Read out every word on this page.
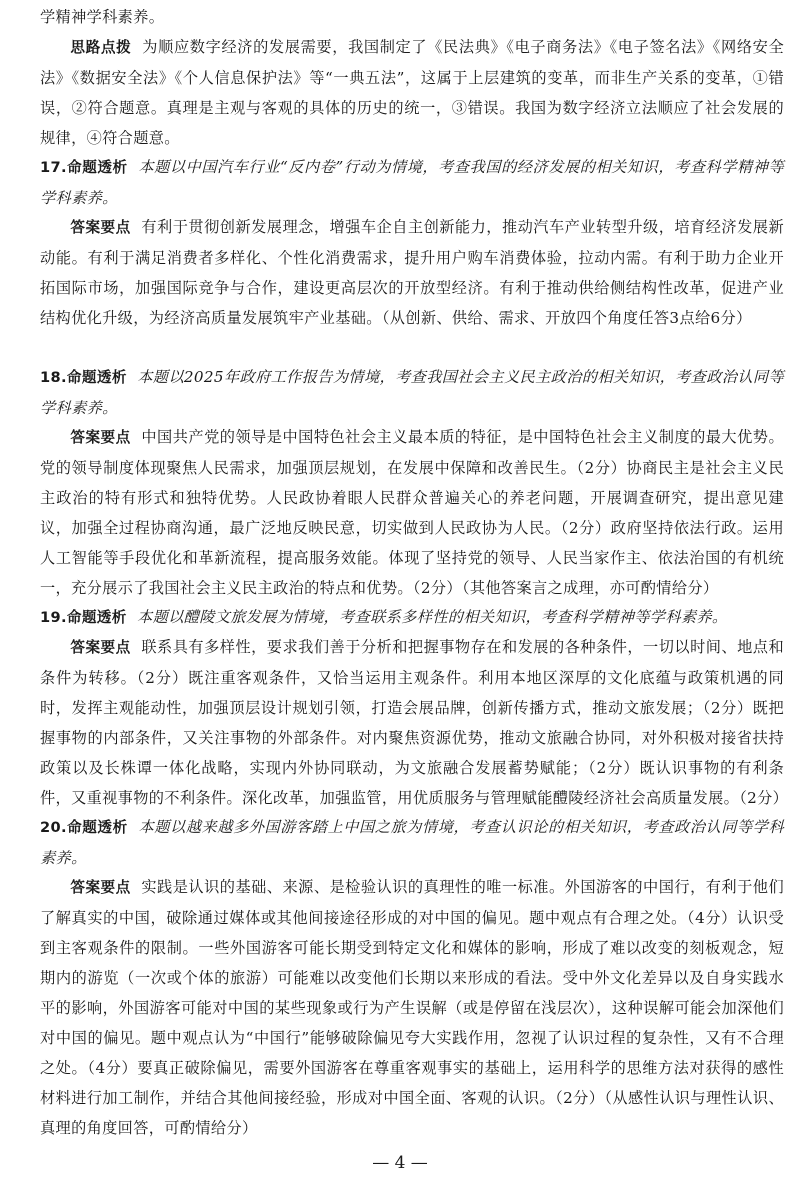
学精神学科素养。

思路点拨 为顺应数字经济的发展需要，我国制定了《民法典》《电子商务法》《电子签名法》《网络安全法》《数据安全法》《个人信息保护法》等“一典五法”，这属于上层建筑的变革，而非生产关系的变革，①错误，②符合题意。真理是主观与客观的具体的历史的统一，③错误。我国为数字经济立法顺应了社会发展的规律，④符合题意。

17.命题透析 本题以中国汽车行业“反内卷”行动为情境，考查我国的经济发展的相关知识，考查科学精神等学科素养。

答案要点 有利于贯彻创新发展理念，增强车企自主创新能力，推动汽车产业转型升级，培育经济发展新动能。有利于满足消费者多样化、个性化消费需求，提升用户购车消费体验，拉动内需。有利于助力企业开拓国际市场，加强国际竞争与合作，建设更高层次的开放型经济。有利于推动供给侧结构性改革，促进产业结构优化升级，为经济高质量发展筑牢产业基础。（从创新、供给、需求、开放四个角度任答3点给6分）

18.命题透析 本题以2025年政府工作报告为情境，考查我国社会主义民主政治的相关知识，考查政治认同等学科素养。

答案要点 中国共产党的领导是中国特色社会主义最本质的特征，是中国特色社会主义制度的最大优势。党的领导制度体现聚焦人民需求，加强顶层规划，在发展中保障和改善民生。（2分）协商民主是社会主义民主政治的特有形式和独特优势。人民政协着眼人民群众普遍关心的养老问题，开展调查研究，提出意见建议，加强全过程协商沟通，最广泛地反映民意，切实做到人民政协为人民。（2分）政府坚持依法行政。运用人工智能等手段优化和革新流程，提高服务效能。体现了坚持党的领导、人民当家作主、依法治国的有机统一，充分展示了我国社会主义民主政治的特点和优势。（2分）（其他答案言之成理，亦可酌情给分）

19.命题透析 本题以醴陵文旅发展为情境，考查联系多样性的相关知识，考查科学精神等学科素养。

答案要点 联系具有多样性，要求我们善于分析和把握事物存在和发展的各种条件，一切以时间、地点和条件为转移。（2分）既注重客观条件，又恰当运用主观条件。利用本地区深厚的文化底蕴与政策机遇的同时，发挥主观能动性，加强顶层设计规划引领，打造会展品牌，创新传播方式，推动文旅发展；（2分）既把握事物的内部条件，又关注事物的外部条件。对内聚焦资源优势，推动文旅融合协同，对外积极对接省扶持政策以及长株谭一体化战略，实现内外协同联动，为文旅融合发展蓄势赋能；（2分）既认识事物的有利条件，又重视事物的不利条件。深化改革，加强监管，用优质服务与管理赋能醴陵经济社会高质量发展。（2分）

20.命题透析 本题以越来越多外国游客踏上中国之旅为情境，考查认识论的相关知识，考查政治认同等学科素养。

答案要点 实践是认识的基础、来源、是检验认识的真理性的唯一标准。外国游客的中国行，有利于他们了解真实的中国，破除通过媒体或其他间接途径形成的对中国的偏见。题中观点有合理之处。（4分）认识受到主客观条件的限制。一些外国游客可能长期受到特定文化和媒体的影响，形成了难以改变的刻板观念，短期内的游览（一次或个体的旅游）可能难以改变他们长期以来形成的看法。受中外文化差异以及自身实践水平的影响，外国游客可能对中国的某些现象或行为产生误解（或是停留在浅层次），这种误解可能会加深他们对中国的偏见。题中观点认为“中国行”能够破除偏见夸大实践作用，忽视了认识过程的复杂性，又有不合理之处。（4分）要真正破除偏见，需要外国游客在尊重客观事实的基础上，运用科学的思维方法对获得的感性材料进行加工制作，并结合其他间接经验，形成对中国全面、客观的认识。（2分）（从感性认识与理性认识、真理的角度回答，可酌情给分）

— 4 —
